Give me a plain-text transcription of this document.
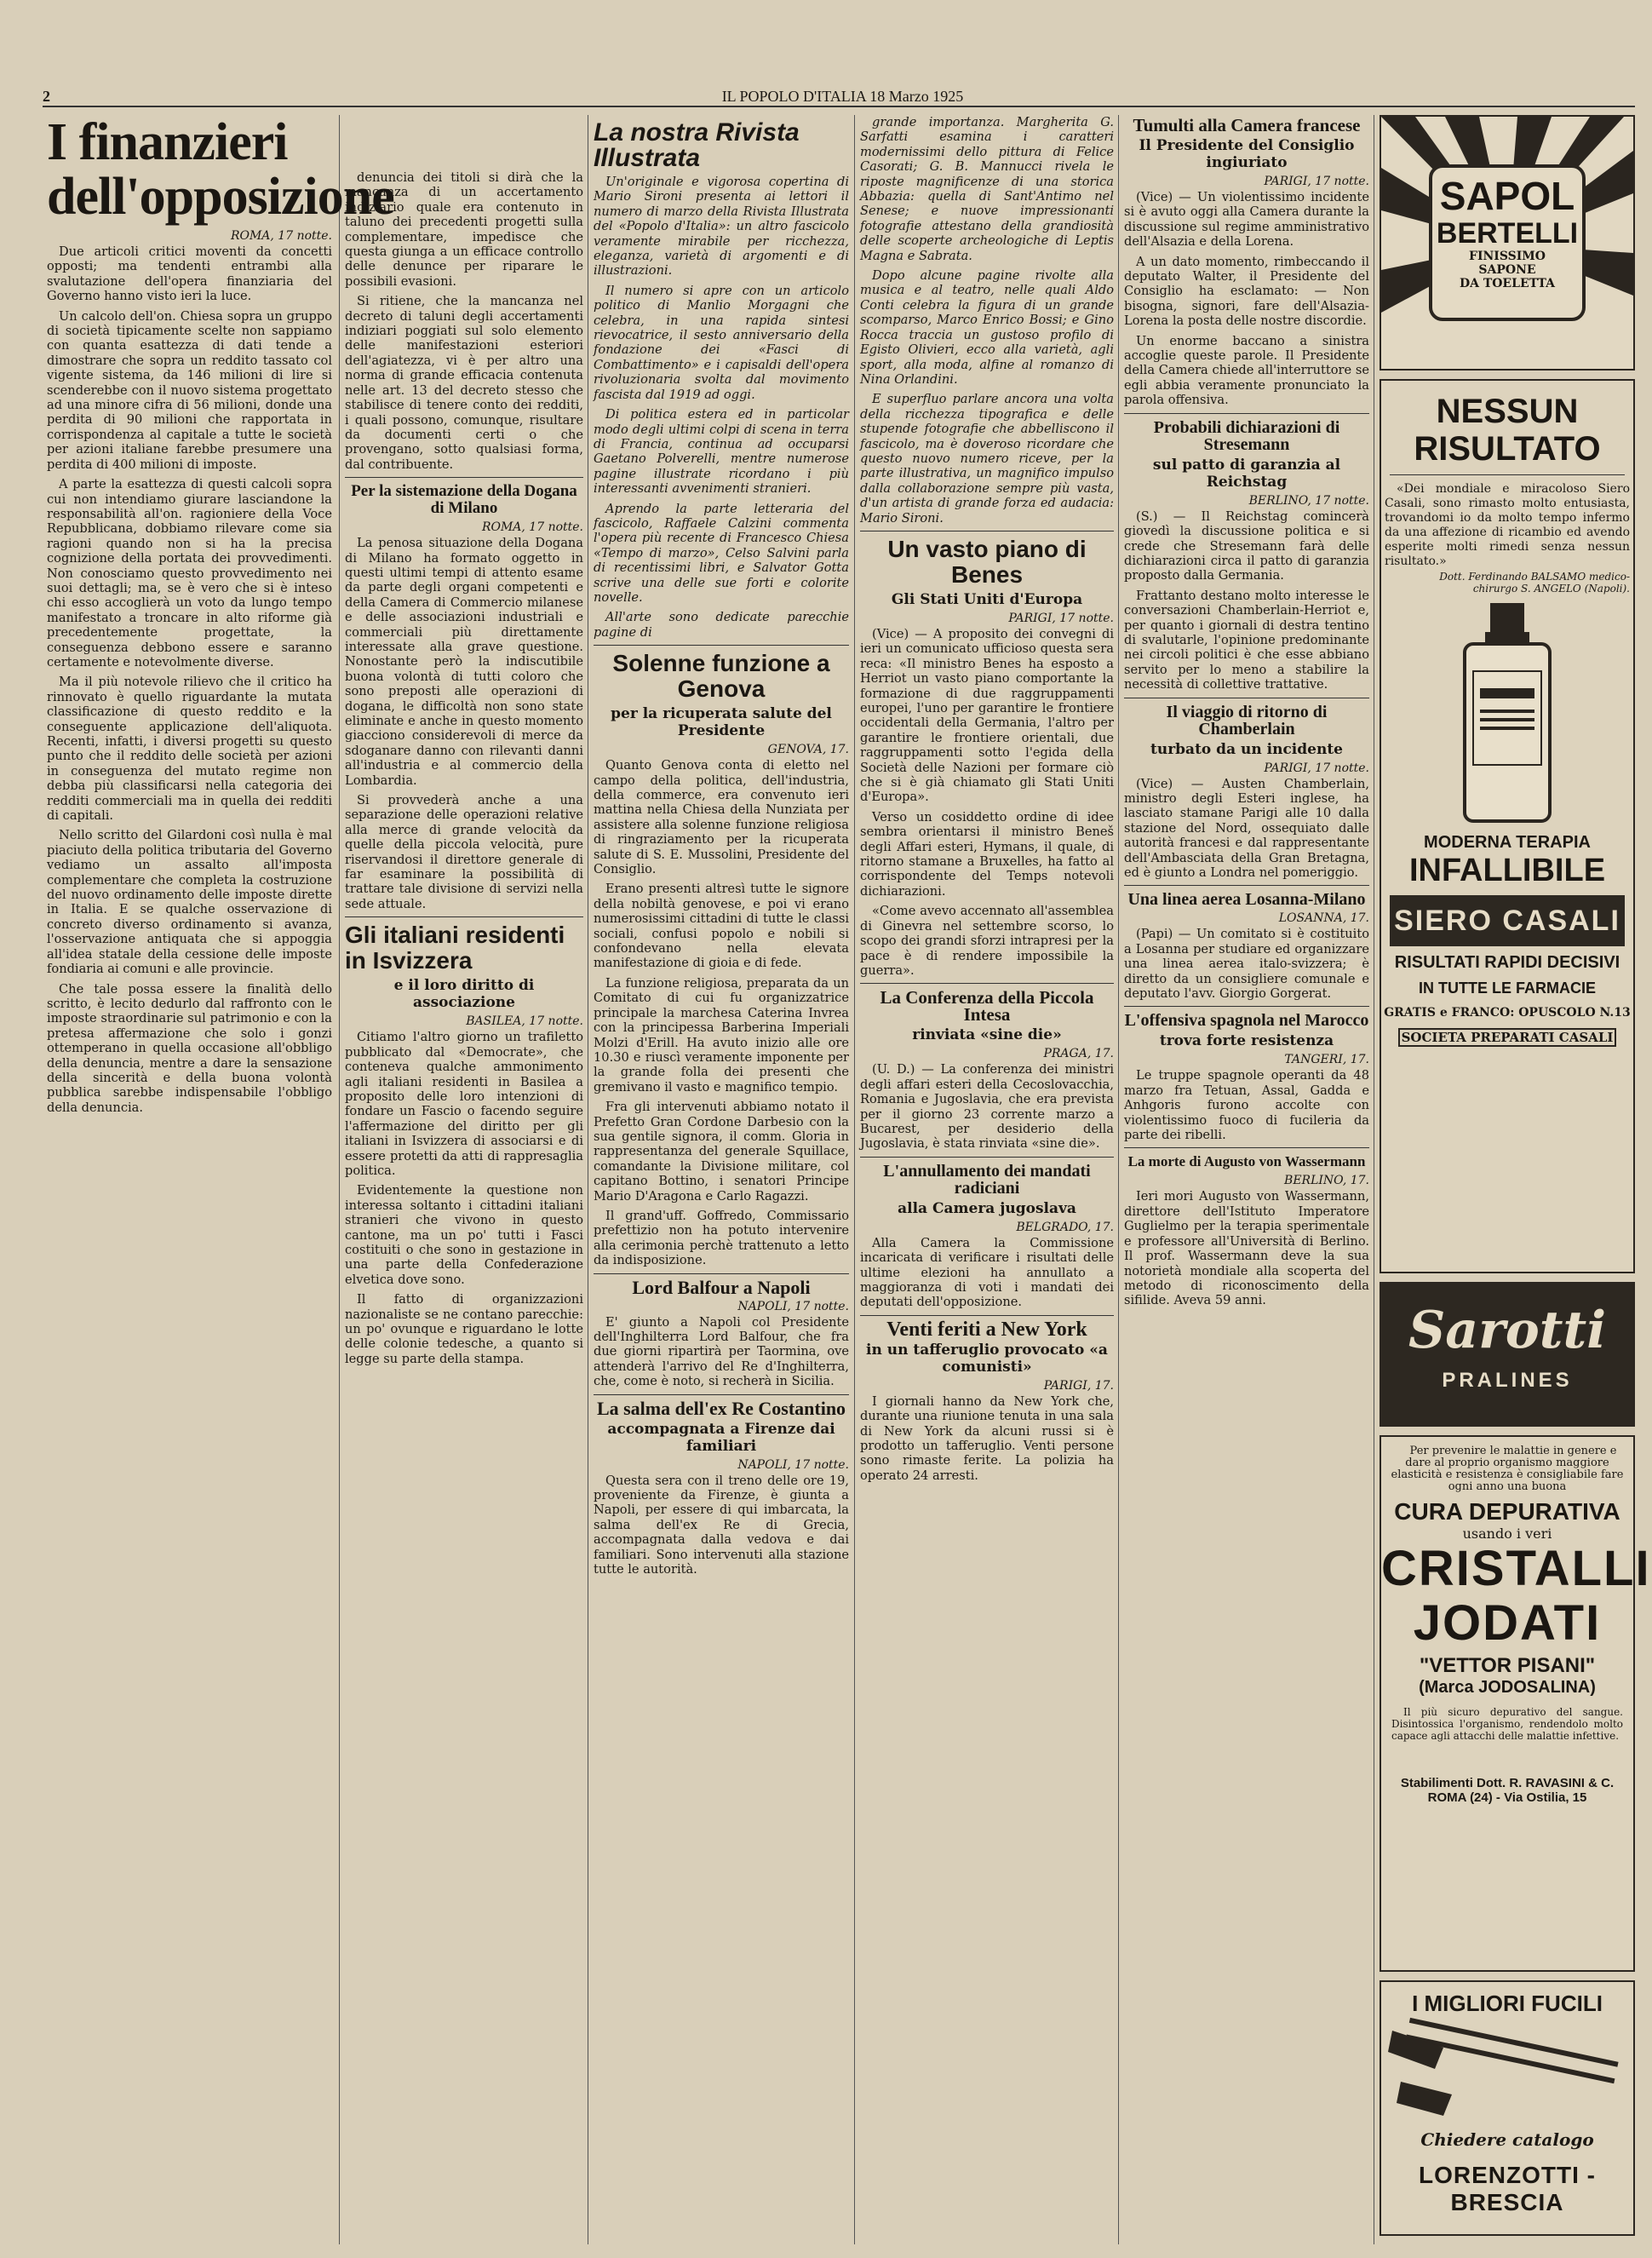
2	IL POPOLO D'ITALIA 18 Marzo 1925
I finanzieri dell'opposizione
ROMA, 17 notte.

Due articoli critici moventi da concetti opposti; ma tendenti entrambi alla svalutazione dell'opera finanziaria del Governo hanno visto ieri la luce.

Un calcolo dell'on. Chiesa sopra un gruppo di società tipicamente scelte non sappiamo con quanta esattezza di dati tende a dimostrare che sopra un reddito tassato col vigente sistema, da 146 milioni di lire si scenderebbe con il nuovo sistema progettato ad una minore cifra di 56 milioni, donde una perdita di 90 milioni che rapportata in corrispondenza al capitale a tutte le società per azioni italiane farebbe presumere una perdita di 400 milioni di imposte.

A parte la esattezza di questi calcoli sopra cui non intendiamo giurare lasciandone la responsabilità all'on. ragioniere della Voce Repubblicana, dobbiamo rilevare come sia ragioni quando non si ha la precisa cognizione della portata dei provvedimenti. Non conosciamo questo provvedimento nei suoi dettagli; ma, se è vero che si è inteso chi esso accoglierà un voto da lungo tempo manifestato a troncare in alto riforme già precedentemente progettate, la conseguenza debbono essere e saranno certamente e notevolmente diverse.

Ma il più notevole rilievo che il critico ha rinnovato è quello riguardante la mutata classificazione di questo reddito e la conseguente applicazione dell'aliquota. Recenti, infatti, i diversi progetti su questo punto che il reddito delle società per azioni in conseguenza del mutato regime non debba più classificarsi nella categoria dei redditi commerciali ma in quella dei redditi di capitali.

Nello scritto del Gilardoni così nulla è mal piaciuto della politica tributaria del Governo vediamo un assalto all'imposta complementare che completa la costruzione del nuovo ordinamento delle imposte dirette in Italia. E se qualche osservazione di concreto diverso ordinamento si avanza, l'osservazione antiquata che si appoggia all'idea statale della cessione delle imposte fondiaria ai comuni e alle provincie.

Che tale possa essere la finalità dello scritto, è lecito dedurlo dal raffronto con le imposte straordinarie sul patrimonio e con la pretesa affermazione che solo i gonzi ottemperano in quella occasione all'obbligo della denuncia, mentre a dare la sensazione della sincerità e della buona volontà pubblica sarebbe indispensabile l'obbligo della denuncia.

denuncia dei titoli si dirà che la mancanza di un accertamento indiziario quale era contenuto in taluno dei precedenti progetti sulla complementare, impedisce che questa giunga a un efficace controllo delle denunce per riparare le possibili evasioni.

Si ritiene, che la mancanza nel decreto di taluni degli accertamenti indiziari poggiati sul solo elemento delle manifestazioni esteriori dell'agiatezza, vi è per altro una norma di grande efficacia contenuta nelle art. 13 del decreto stesso che stabilisce di tenere conto dei redditi, i quali possono, comunque, risultare da documenti certi o che provengano, sotto qualsiasi forma, dal contribuente.

Per la sistemazione della Dogana di Milano
ROMA, 17 notte.

La penosa situazione della Dogana di Milano ha formato oggetto in questi ultimi tempi di attento esame da parte degli organi competenti e della Camera di Commercio milanese e delle associazioni industriali e commerciali più direttamente interessate alla grave questione. Nonostante però la indiscutibile buona volontà di tutti coloro che sono preposti alle operazioni di dogana, le difficoltà non sono state eliminate e anche in questo momento giacciono considerevoli di merce da sdoganare danno con rilevanti danni all'industria e al commercio della Lombardia.

Si provvederà anche a una separazione delle operazioni relative alla merce di grande velocità da quelle della piccola velocità, pure riservandosi il direttore generale di far esaminare la possibilità di trattare tale divisione di servizi nella sede attuale.

Gli italiani residenti in Isvizzera
e il loro diritto di associazione
BASILEA, 17 notte.

Citiamo l'altro giorno un trafiletto pubblicato dal «Democrate», che conteneva qualche ammonimento agli italiani residenti in Basilea a proposito delle loro intenzioni di fondare un Fascio o facendo seguire l'affermazione del diritto per gli italiani in Isvizzera di associarsi e di essere protetti da atti di rappresaglia politica.

Evidentemente la questione non interessa soltanto i cittadini italiani stranieri che vivono in questo cantone, ma un po' tutti i Fasci costituiti o che sono in gestazione in una parte della Confederazione elvetica dove sono.

Il fatto di organizzazioni nazionaliste se ne contano parecchie: un po' ovunque e riguardano le lotte delle colonie tedesche, a quanto si legge su parte della stampa.

La nostra Rivista Illustrata

Un'originale e vigorosa copertina di Mario Sironi presenta ai lettori il numero di marzo della Rivista Illustrata del «Popolo d'Italia»: un altro fascicolo veramente mirabile per ricchezza, eleganza, varietà di argomenti e di illustrazioni.

Il numero si apre con un articolo politico di Manlio Morgagni che celebra, in una rapida sintesi rievocatrice, il sesto anniversario della fondazione dei «Fasci di Combattimento» e i capisaldi dell'opera rivoluzionaria svolta dal movimento fascista dal 1919 ad oggi.

Di politica estera ed in particolar modo degli ultimi colpi di scena in terra di Francia, continua ad occuparsi Gaetano Polverelli, mentre numerose pagine illustrate ricordano i più interessanti avvenimenti stranieri.

Aprendo la parte letteraria del fascicolo, Raffaele Calzini commenta l'opera più recente di Francesco Chiesa «Tempo di marzo», Celso Salvini parla di recentissimi libri, e Salvator Gotta scrive una delle sue forti e colorite novelle.

All'arte sono dedicate parecchie pagine di

Solenne funzione a Genova
per la ricuperata salute del Presidente
GENOVA, 17.

Quanto Genova conta di eletto nel campo della politica, dell'industria, della commerce, era convenuto ieri mattina nella Chiesa della Nunziata per assistere alla solenne funzione religiosa di ringraziamento per la ricuperata salute di S. E. Mussolini, Presidente del Consiglio.

Erano presenti altresì tutte le signore della nobiltà genovese, e poi vi erano numerosissimi cittadini di tutte le classi sociali, confusi popolo e nobili si confondevano nella elevata manifestazione di gioia e di fede.

La funzione religiosa, preparata da un Comitato di cui fu organizzatrice principale la marchesa Caterina Invrea con la principessa Barberina Imperiali Molzi d'Erill. Ha avuto inizio alle ore 10.30 e riuscì veramente imponente per la grande folla dei presenti che gremivano il vasto e magnifico tempio.

Fra gli intervenuti abbiamo notato il Prefetto Gran Cordone Darbesio con la sua gentile signora, il comm. Gloria in rappresentanza del generale Squillace, comandante la Divisione militare, col capitano Bottino, i senatori Principe Mario D'Aragona e Carlo Ragazzi.

Il grand'uff. Goffredo, Commissario prefettizio non ha potuto intervenire alla cerimonia perchè trattenuto a letto da indisposizione.

Lord Balfour a Napoli
NAPOLI, 17 notte.

E' giunto a Napoli col Presidente dell'Inghilterra Lord Balfour, che fra due giorni ripartirà per Taormina, ove attenderà l'arrivo del Re d'Inghilterra, che, come è noto, si recherà in Sicilia.

La salma dell'ex Re Costantino
accompagnata a Firenze dai familiari
NAPOLI, 17 notte.

Questa sera con il treno delle ore 19, proveniente da Firenze, è giunta a Napoli, per essere di qui imbarcata, la salma dell'ex Re di Grecia, accompagnata dalla vedova e dai familiari. Sono intervenuti alla stazione tutte le autorità.

grande importanza. Margherita G. Sarfatti esamina i caratteri modernissimi dello pittura di Felice Casorati; G. B. Mannucci rivela le riposte magnificenze di una storica Abbazia: quella di Sant'Antimo nel Senese; e nuove impressionanti fotografie attestano della grandiosità delle scoperte archeologiche di Leptis Magna e Sabrata.

Dopo alcune pagine rivolte alla musica e al teatro, nelle quali Aldo Conti celebra la figura di un grande scomparso, Marco Enrico Bossi; e Gino Rocca traccia un gustoso profilo di Egisto Olivieri, ecco alla varietà, agli sport, alla moda, alfine al romanzo di Nina Orlandini.

E superfluo parlare ancora una volta della ricchezza tipografica e delle stupende fotografie che abbelliscono il fascicolo, ma è doveroso ricordare che questo nuovo numero riceve, per la parte illustrativa, un magnifico impulso dalla collaborazione sempre più vasta, d'un artista di grande forza ed audacia: Mario Sironi.

Un vasto piano di Benes
Gli Stati Uniti d'Europa
PARIGI, 17 notte.

(Vice) — A proposito dei convegni di ieri un comunicato ufficioso questa sera reca: «Il ministro Benes ha esposto a Herriot un vasto piano comportante la formazione di due raggruppamenti europei, l'uno per garantire le frontiere occidentali della Germania, l'altro per garantire le frontiere orientali, due raggruppamenti sotto l'egida della Società delle Nazioni per formare ciò che si è già chiamato gli Stati Uniti d'Europa».

Verso un cosiddetto ordine di idee sembra orientarsi il ministro Beneš degli Affari esteri, Hymans, il quale, di ritorno stamane a Bruxelles, ha fatto al corrispondente del Temps notevoli dichiarazioni.

«Come avevo accennato all'assemblea di Ginevra nel settembre scorso, lo scopo dei grandi sforzi intrapresi per la pace è di rendere impossibile la guerra».

La Conferenza della Piccola Intesa
rinviata «sine die»
PRAGA, 17.

(U. D.) — La conferenza dei ministri degli affari esteri della Cecoslovacchia, Romania e Jugoslavia, che era prevista per il giorno 23 corrente marzo a Bucarest, per desiderio della Jugoslavia, è stata rinviata «sine die».

L'annullamento dei mandati radiciani
alla Camera jugoslava
BELGRADO, 17.

Alla Camera la Commissione incaricata di verificare i risultati delle ultime elezioni ha annullato a maggioranza di voti i mandati dei deputati dell'opposizione.

Venti feriti a New York
in un tafferuglio provocato «a comunisti»
PARIGI, 17.

I giornali hanno da New York che, durante una riunione tenuta in una sala di New York da alcuni russi si è prodotto un tafferuglio. Venti persone sono rimaste ferite. La polizia ha operato 24 arresti.

Tumulti alla Camera francese
Il Presidente del Consiglio ingiuriato
PARIGI, 17 notte.

(Vice) — Un violentissimo incidente si è avuto oggi alla Camera durante la discussione sul regime amministrativo dell'Alsazia e della Lorena.

A un dato momento, rimbeccando il deputato Walter, il Presidente del Consiglio ha esclamato: — Non bisogna, signori, fare dell'Alsazia-Lorena la posta delle nostre discordie.

Un enorme baccano a sinistra accoglie queste parole. Il Presidente della Camera chiede all'interruttore se egli abbia veramente pronunciato la parola offensiva.

Probabili dichiarazioni di Stresemann
sul patto di garanzia al Reichstag
BERLINO, 17 notte.

(S.) — Il Reichstag comincerà giovedì la discussione politica e si crede che Stresemann farà delle dichiarazioni circa il patto di garanzia proposto dalla Germania.

Frattanto destano molto interesse le conversazioni Chamberlain-Herriot e, per quanto i giornali di destra tentino di svalutarle, l'opinione predominante nei circoli politici è che esse abbiano servito per lo meno a stabilire la necessità di collettive trattative.

Il viaggio di ritorno di Chamberlain
turbato da un incidente
PARIGI, 17 notte.

(Vice) — Austen Chamberlain, ministro degli Esteri inglese, ha lasciato stamane Parigi alle 10 dalla stazione del Nord, ossequiato dalle autorità francesi e dal rappresentante dell'Ambasciata della Gran Bretagna, ed è giunto a Londra nel pomeriggio.

Una linea aerea Losanna-Milano
LOSANNA, 17.

(Papi) — Un comitato si è costituito a Losanna per studiare ed organizzare una linea aerea italo-svizzera; è diretto da un consigliere comunale e deputato l'avv. Giorgio Gorgerat.

L'offensiva spagnola nel Marocco
trova forte resistenza
TANGERI, 17.

Le truppe spagnole operanti da 48 marzo fra Tetuan, Assal, Gadda e Anhgoris furono accolte con violentissimo fuoco di fucileria da parte dei ribelli.

La morte di Augusto von Wassermann
BERLINO, 17.

Ieri mori Augusto von Wassermann, direttore dell'Istituto Imperatore Guglielmo per la terapia sperimentale e professore all'Università di Berlino. Il prof. Wassermann deve la sua notorietà mondiale alla scoperta del metodo di riconoscimento della sifilide. Aveva 59 anni.

SAPOL
BERTELLI
FINISSIMO
SAPONE
DA TOELETTA
NESSUN
RISULTATO

«Dei mondiale e miracoloso Siero Casali, sono rimasto molto entusiasta, trovandomi io da molto tempo infermo da una affezione di ricambio ed avendo esperite molti rimedi senza nessun risultato.»

Dott. Ferdinando BALSAMO medico-chirurgo S. ANGELO (Napoli).

MODERNA TERAPIA
INFALLIBILE
SIERO CASALI
RISULTATI RAPIDI DECISIVI
IN TUTTE LE FARMACIE
GRATIS e FRANCO: OPUSCOLO N.13
SOCIETA PREPARATI CASALI
Sarotti
PRALINES

Per prevenire le malattie in genere e dare al proprio organismo maggiore elasticità e resistenza è consigliabile fare ogni anno una buona

CURA DEPURATIVA
usando i veri
CRISTALLI
JODATI
"VETTOR PISANI"
(Marca JODOSALINA)

Il più sicuro depurativo del sangue. Disintossica l'organismo, rendendolo molto capace agli attacchi delle malattie infettive.

Stabilimenti Dott. R. RAVASINI & C.
ROMA (24) - Via Ostilia, 15
I MIGLIORI FUCILI
Chiedere catalogo
LORENZOTTI - BRESCIA
